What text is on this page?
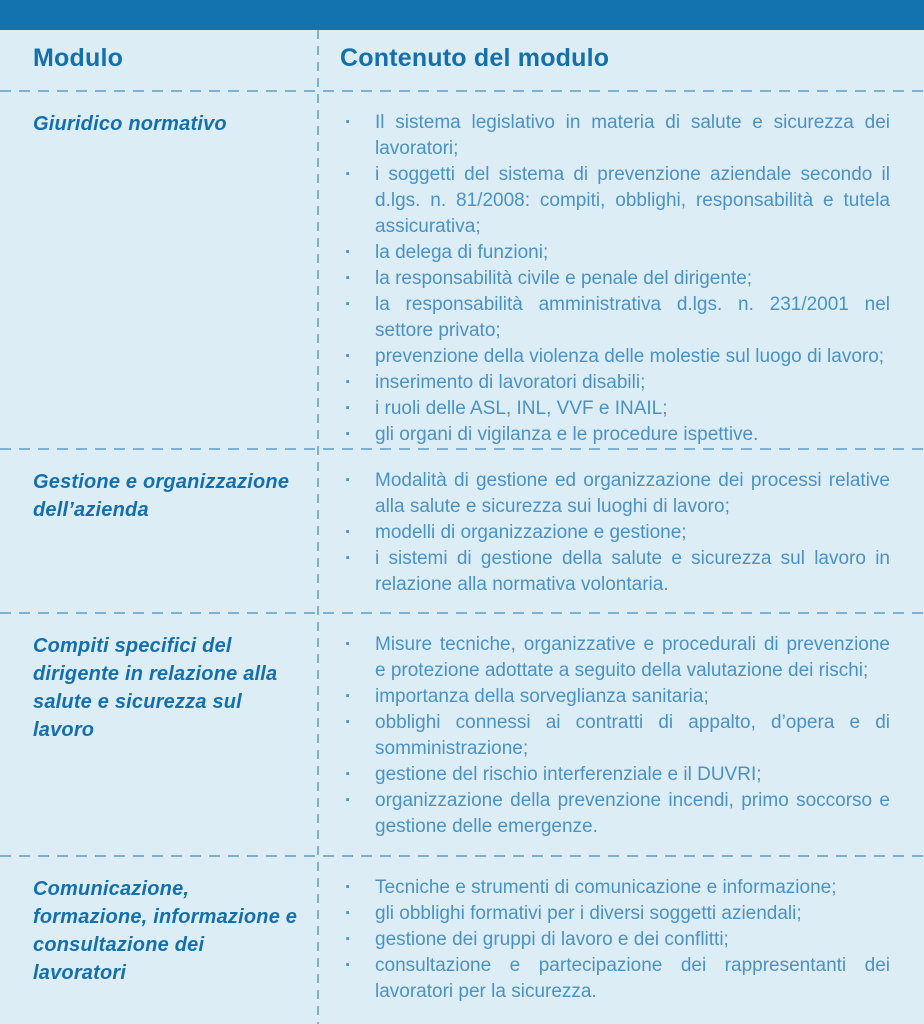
Modulo	Contenuto del modulo
Giuridico normativo	· Il sistema legislativo in materia di salute e sicurezza dei lavoratori;
· i soggetti del sistema di prevenzione aziendale secondo il d.lgs. n. 81/2008: compiti, obblighi, responsabilità e tutela assicurativa;
· la delega di funzioni;
· la responsabilità civile e penale del dirigente;
· la responsabilità amministrativa d.lgs. n. 231/2001 nel settore privato;
· prevenzione della violenza delle molestie sul luogo di lavoro;
· inserimento di lavoratori disabili;
· i ruoli delle ASL, INL, VVF e INAIL;
· gli organi di vigilanza e le procedure ispettive.
Gestione e organizzazione dell’azienda
· Modalità di gestione ed organizzazione dei processi relative alla salute e sicurezza sui luoghi di lavoro;
· modelli di organizzazione e gestione;
· i sistemi di gestione della salute e sicurezza sul lavoro in relazione alla normativa volontaria.
Compiti specifici del dirigente in relazione alla salute e sicurezza sul lavoro
· Misure tecniche, organizzative e procedurali di prevenzione e protezione adottate a seguito della valutazione dei rischi;
· importanza della sorveglianza sanitaria;
· obblighi connessi ai contratti di appalto, d’opera e di somministrazione;
· gestione del rischio interferenziale e il DUVRI;
· organizzazione della prevenzione incendi, primo soccorso e gestione delle emergenze.
Comunicazione, formazione, informazione e consultazione dei lavoratori
· Tecniche e strumenti di comunicazione e informazione;
· gli obblighi formativi per i diversi soggetti aziendali;
· gestione dei gruppi di lavoro e dei conflitti;
· consultazione e partecipazione dei rappresentanti dei lavoratori per la sicurezza.
